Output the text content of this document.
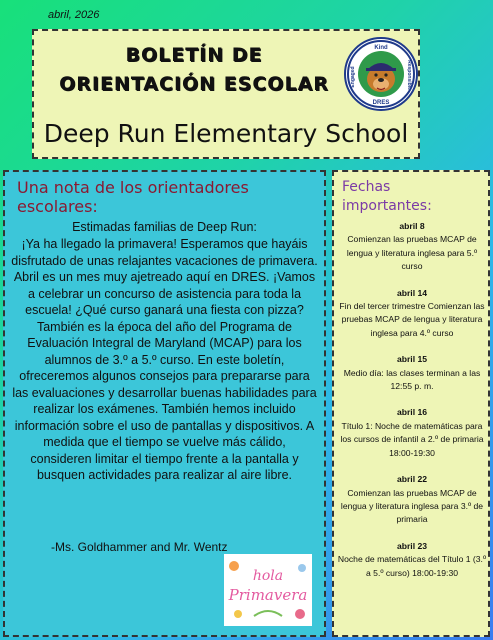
abril, 2026
BOLETÍN DE
ORIENTACIÓN ESCOLAR
Kind
Engaged	Responsible
DRES
Deep Run Elementary School
Una nota de los orientadores escolares:
Estimadas familias de Deep Run:
¡Ya ha llegado la primavera! Esperamos que hayáis disfrutado de unas relajantes vacaciones de primavera. Abril es un mes muy ajetreado aquí en DRES. ¡Vamos a celebrar un concurso de asistencia para toda la escuela! ¿Qué curso ganará una fiesta con pizza? También es la época del año del Programa de Evaluación Integral de Maryland (MCAP) para los alumnos de 3.º a 5.º curso. En este boletín, ofreceremos algunos consejos para prepararse para las evaluaciones y desarrollar buenas habilidades para realizar los exámenes. También hemos incluido información sobre el uso de pantallas y dispositivos. A medida que el tiempo se vuelve más cálido, consideren limitar el tiempo frente a la pantalla y busquen actividades para realizar al aire libre.
-Ms. Goldhammer and Mr. Wentz
hola
Primavera
Fechas importantes:
abril 8
Comienzan las pruebas MCAP de lengua y literatura inglesa para 5.º curso
abril 14
Fin del tercer trimestre Comienzan las pruebas MCAP de lengua y literatura inglesa para 4.º curso
abril 15
Medio día: las clases terminan a las 12:55 p. m.
abril 16
Título 1: Noche de matemáticas para los cursos de infantil a 2.º de primaria 18:00-19:30
abril 22
Comienzan las pruebas MCAP de lengua y literatura inglesa para 3.º de primaria
abril 23
Noche de matemáticas del Título 1 (3.º a 5.º curso) 18:00-19:30
